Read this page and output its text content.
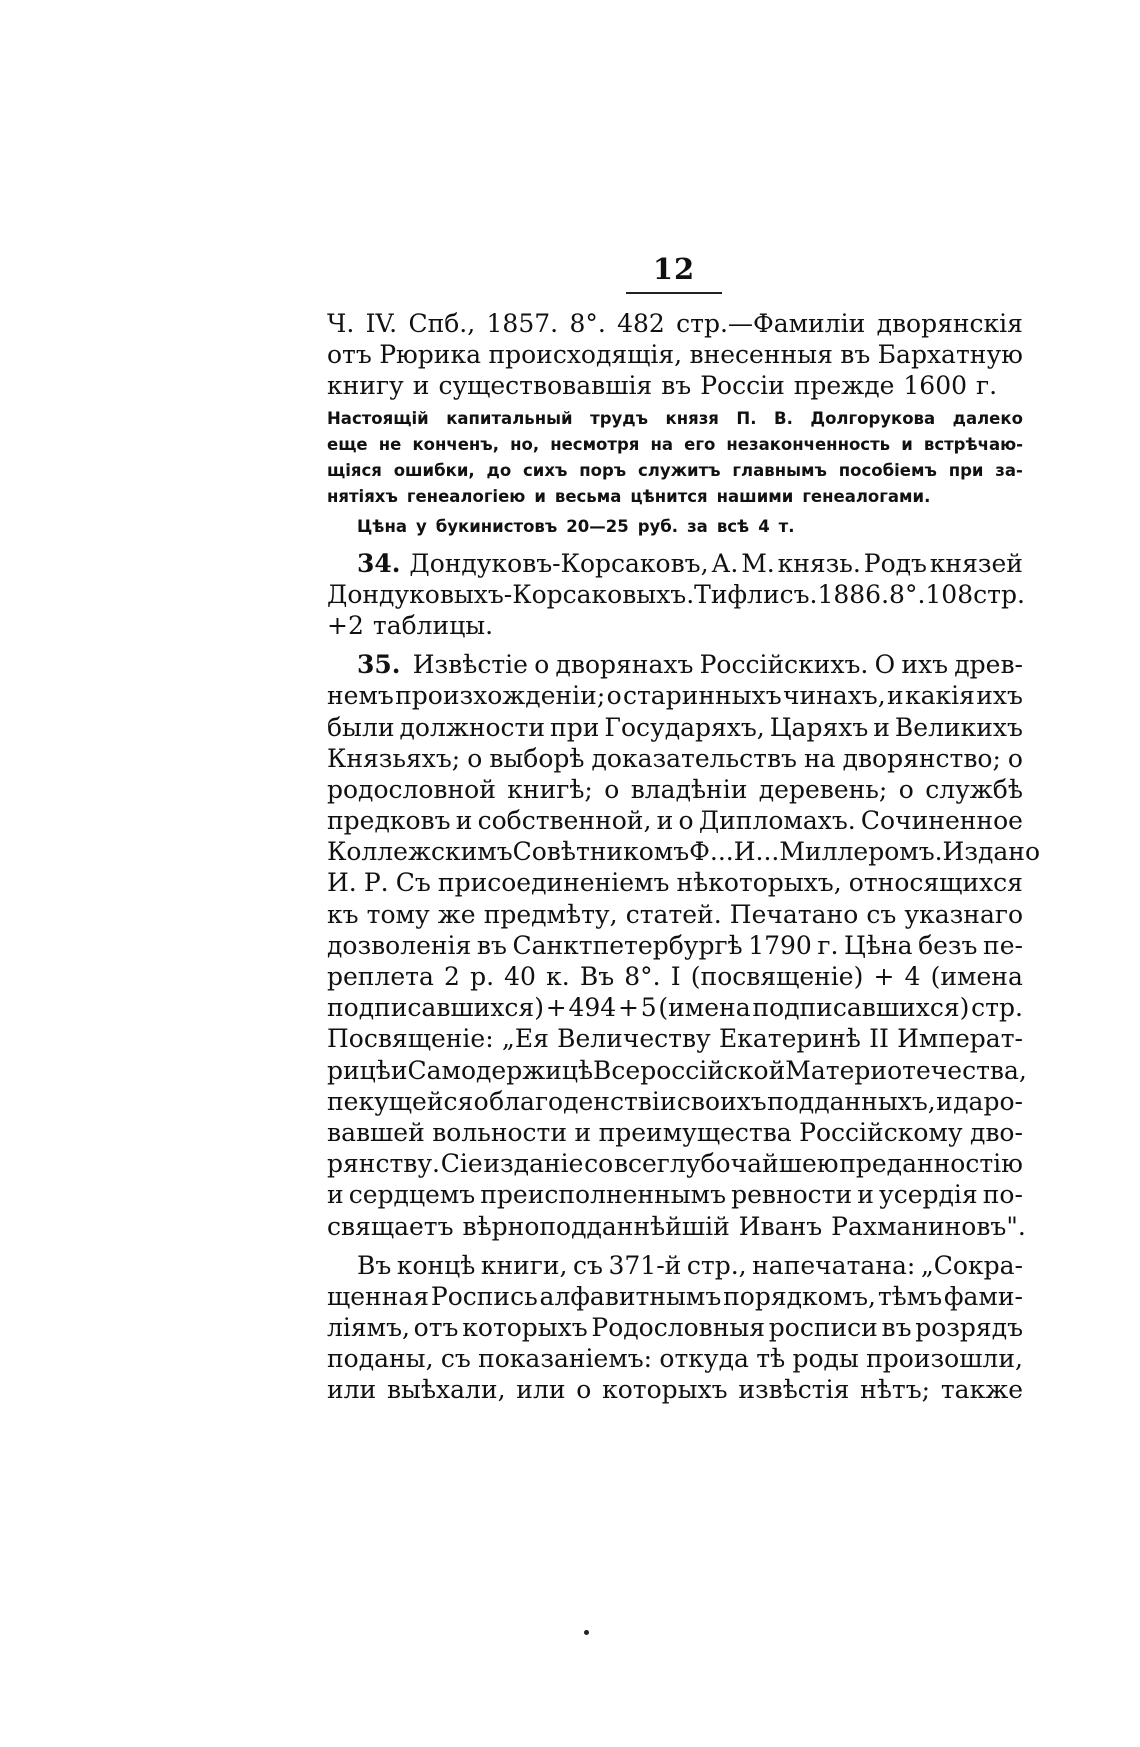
12
Ч. IV. Спб., 1857. 8°. 482 стр.—Фамиліи дворянскія
отъ Рюрика происходящія, внесенныя въ Бархатную
книгу и существовавшія въ Россіи прежде 1600 г.
Настоящій капитальный трудъ князя П. В. Долгорукова далеко
еще не конченъ, но, несмотря на его незаконченность и встрѣчаю-
щіяся ошибки, до сихъ поръ служитъ главнымъ пособіемъ при за-
нятіяхъ генеалогіею и весьма цѣнится нашими генеалогами.
Цѣна у букинистовъ 20—25 руб. за всѣ 4 т.
34. Дондуковъ-Корсаковъ, А. М. князь. Родъ князей
Дондуковыхъ-Корсаковыхъ. Тифлисъ. 1886. 8°. 108 стр.
+2 таблицы.
35. Извѣстіе о дворянахъ Россійскихъ. О ихъ древ-
немъ произхожденіи; о старинныхъ чинахъ, и какія ихъ
были должности при Государяхъ, Царяхъ и Великихъ
Князьяхъ; о выборѣ доказательствъ на дворянство; о
родословной книгѣ; о владѣніи деревень; о службѣ
предковъ и собственной, и о Дипломахъ. Сочиненное
Коллежскимъ Совѣтникомъ Ф... И... Миллеромъ. Издано
И. Р. Съ присоединеніемъ нѣкоторыхъ, относящихся
къ тому же предмѣту, статей. Печатано съ указнаго
дозволенія въ Санктпетербургѣ 1790 г. Цѣна безъ пе-
реплета 2 р. 40 к. Въ 8°. I (посвященіе) + 4 (имена
подписавшихся) + 494 + 5 (имена подписавшихся) стр.
Посвященіе: „Ея Величеству Екатеринѣ II Императ-
рицѣ и Самодержицѣ Всероссійской Матери отечества,
пекущейся о благоденствіи своихъ подданныхъ, и даро-
вавшей вольности и преимущества Россійскому дво-
рянству. Сіе изданіе со всеглубочайшею преданностію
и сердцемъ преисполненнымъ ревности и усердія по-
свящаетъ вѣрноподданнѣйшій Иванъ Рахманиновъ".
Въ концѣ книги, съ 371-й стр., напечатана: „Сокра-
щенная Роспись алфавитнымъ порядкомъ, тѣмъ фами-
ліямъ, отъ которыхъ Родословныя росписи въ розрядъ
поданы, съ показаніемъ: откуда тѣ роды произошли,
или выѣхали, или о которыхъ извѣстія нѣтъ; также
